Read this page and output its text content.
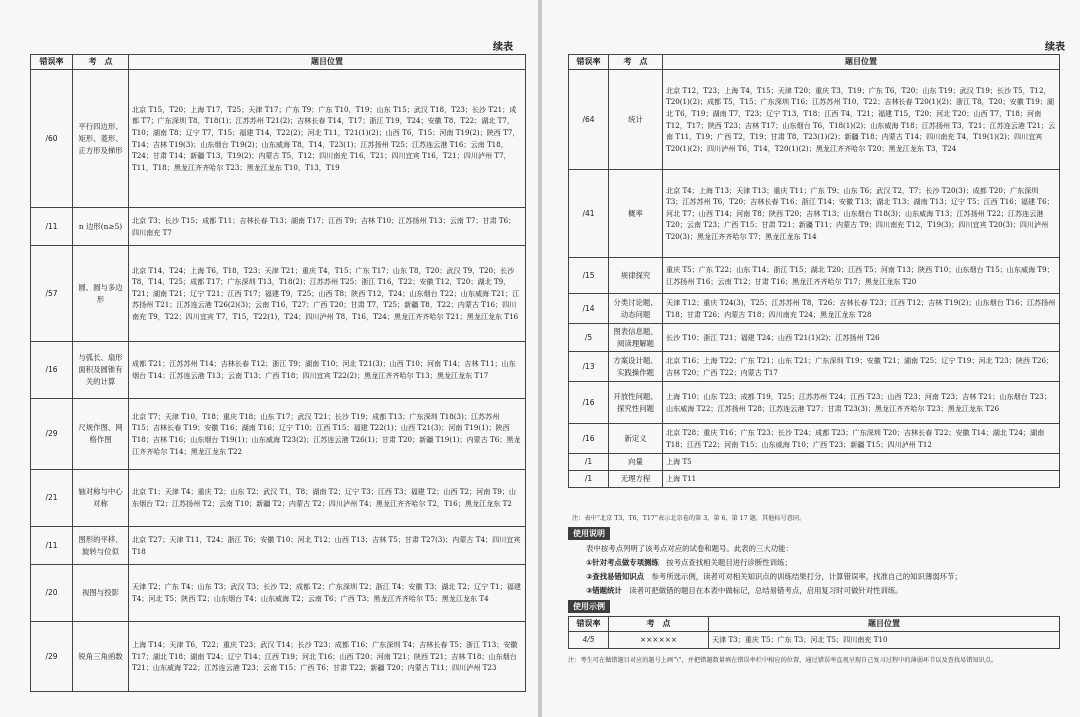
续表
错误率	考　点	题目位置
/60	平行四边形、矩形、菱形、正方形及梯形	北京 T15，T20；上海 T17，T25；天津 T17；广东 T9；广东 T10，T19；山东 T15；武汉 T18，T23；长沙 T21；成都 T7；广东深圳 T8，T18(1)；江苏苏州 T21(2)；吉林长春 T14，T17；浙江 T19，T24；安徽 T8，T22；湖北 T7，T10；湖南 T8；辽宁 T7，T15；福建 T14，T22(2)；河北 T11，T21(1)(2)；山西 T6，T15；河南 T19(2)；陕西 T7，T14；吉林 T19(3)；山东烟台 T19(2)；山东威海 T8，T14，T23(1)；江苏扬州 T25；江苏连云港 T16；云南 T18，T24；甘肃 T14；新疆 T13，T19(2)；内蒙古 T5，T12；四川南充 T16，T21；四川宜宾 T16，T21；四川泸州 T7，T11，T18；黑龙江齐齐哈尔 T23；黑龙江龙东 T10，T13，T19
/11	n 边形(n≥5)	北京 T3；长沙 T15；成都 T11；吉林长春 T13；湖南 T17；江西 T9；吉林 T10；江苏扬州 T13；云南 T7；甘肃 T6；四川南充 T7
/57	圆、圆与多边形	北京 T14，T24；上海 T6，T18，T23；天津 T21；重庆 T4，T15；广东 T17；山东 T8，T20；武汉 T9，T20；长沙 T8，T14，T25；成都 T17；广东深圳 T13，T18(2)；江苏苏州 T25；浙江 T16，T22；安徽 T12，T20；湖北 T9，T21；湖南 T21；辽宁 T21；江西 T17；福建 T9，T25；山西 T8；陕西 T12，T24；山东烟台 T22；山东威海 T21；江苏扬州 T21；江苏连云港 T26(2)(3)；云南 T16，T27；广西 T20；甘肃 T7，T25；新疆 T8，T22；内蒙古 T16；四川南充 T9，T22；四川宜宾 T7，T15，T22(1)，T24；四川泸州 T8，T16，T24；黑龙江齐齐哈尔 T21；黑龙江龙东 T16
/16	与弧长、扇形面积及圆锥有关的计算	成都 T21；江苏苏州 T14；吉林长春 T12；浙江 T9；湖南 T10；河北 T21(3)；山西 T10；河南 T14；吉林 T11；山东烟台 T14；江苏连云港 T13；云南 T13；广西 T18；四川宜宾 T22(2)；黑龙江齐齐哈尔 T13；黑龙江龙东 T17
/29	尺规作图、网格作图	北京 T7；天津 T10，T18；重庆 T18；山东 T17；武汉 T21；长沙 T19；成都 T13；广东深圳 T18(3)；江苏苏州 T15；吉林长春 T19；安徽 T16；湖南 T16；辽宁 T10；江西 T15；福建 T22(1)；山西 T21(3)；河南 T19(1)；陕西 T18；吉林 T16；山东烟台 T19(1)；山东威海 T23(2)；江苏连云港 T26(1)；甘肃 T20；新疆 T19(1)；内蒙古 T6；黑龙江齐齐哈尔 T14；黑龙江龙东 T22
/21	轴对称与中心对称	北京 T1；天津 T4；重庆 T2；山东 T2；武汉 T1，T8；湖南 T2；辽宁 T3；江西 T3；福建 T2；山西 T2；河南 T9；山东烟台 T2；江苏扬州 T2；云南 T10；新疆 T2；内蒙古 T2；四川泸州 T4；黑龙江齐齐哈尔 T2，T16；黑龙江龙东 T2
/11	图形的平移、旋转与位似	北京 T27；天津 T11，T24；浙江 T6；安徽 T10；河北 T12；山西 T13；吉林 T5；甘肃 T27(3)；内蒙古 T4；四川宜宾 T18
/20	视图与投影	天津 T2；广东 T4；山东 T3；武汉 T3；长沙 T2；成都 T2；广东深圳 T2；浙江 T4；安徽 T3；湖北 T2；辽宁 T1；福建 T4；河北 T5；陕西 T2；山东烟台 T4；山东威海 T2；云南 T6；广西 T3；黑龙江齐齐哈尔 T5；黑龙江龙东 T4
/29	锐角三角函数	上海 T14；天津 T6，T22；重庆 T23；武汉 T14；长沙 T23；成都 T16；广东深圳 T4；吉林长春 T5；浙江 T13；安徽 T17；湖北 T18；湖南 T24；辽宁 T14；江西 T19；河北 T16；山西 T20；河南 T21；陕西 T21；吉林 T18；山东烟台 T21；山东威海 T22；江苏连云港 T23；云南 T15；广西 T6；甘肃 T22；新疆 T20；内蒙古 T11；四川泸州 T23
续表
错误率	考　点	题目位置
/64	统计	北京 T12，T23；上海 T4，T15；天津 T20；重庆 T3，T19；广东 T6，T20；山东 T19；武汉 T19；长沙 T5，T12，T20(1)(2)；成都 T5，T15；广东深圳 T16；江苏苏州 T10，T22；吉林长春 T20(1)(2)；浙江 T8，T20；安徽 T19；湖北 T6，T19；湖南 T7，T23；辽宁 T13，T18；江西 T4，T21；福建 T15，T20；河北 T20；山西 T7，T18；河南 T12，T17；陕西 T23；吉林 T17；山东烟台 T6，T18(1)(2)；山东威海 T18；江苏扬州 T3，T21；江苏连云港 T21；云南 T11，T19；广西 T2，T19；甘肃 T8，T23(1)(2)；新疆 T18；内蒙古 T14；四川南充 T4，T19(1)(2)；四川宜宾 T20(1)(2)；四川泸州 T6，T14，T20(1)(2)；黑龙江齐齐哈尔 T20；黑龙江龙东 T3，T24
/41	概率	北京 T4；上海 T13；天津 T13；重庆 T11；广东 T9；山东 T6；武汉 T2，T7；长沙 T20(3)；成都 T20；广东深圳 T3；江苏苏州 T6，T20；吉林长春 T16；浙江 T14；安徽 T13；湖北 T13；湖南 T13；辽宁 T5；江西 T16；福建 T6；河北 T7；山西 T14；河南 T8；陕西 T20；吉林 T13；山东烟台 T18(3)；山东威海 T13；江苏扬州 T22；江苏连云港 T20；云南 T23；广西 T15；甘肃 T21；新疆 T11；内蒙古 T9；四川南充 T12，T19(3)；四川宜宾 T20(3)；四川泸州 T20(3)；黑龙江齐齐哈尔 T7；黑龙江龙东 T14
/15	规律探究	重庆 T5；广东 T22；山东 T14；浙江 T15；湖北 T20；江西 T5；河南 T13；陕西 T10；山东烟台 T15；山东威海 T9；江苏扬州 T16；云南 T12；甘肃 T16；黑龙江齐齐哈尔 T17；黑龙江龙东 T20
/14	分类讨论题、动态问题	天津 T12；重庆 T24(3)，T25；江苏苏州 T8，T26；吉林长春 T23；江西 T12；吉林 T19(2)；山东烟台 T16；江苏扬州 T18；甘肃 T26；内蒙古 T18；四川南充 T24；黑龙江龙东 T28
/5	图表信息题、阅读理解题	长沙 T10；浙江 T21；福建 T24；山西 T21(1)(2)；江苏扬州 T26
/13	方案设计题、实践操作题	北京 T16；上海 T22；广东 T21；山东 T21；广东深圳 T19；安徽 T21；湖南 T25；辽宁 T19；河北 T23；陕西 T26；吉林 T20；广西 T22；内蒙古 T17
/16	开放性问题、探究性问题	上海 T10；山东 T23；成都 T19，T25；江苏苏州 T24；江西 T23；山西 T23；河南 T23；吉林 T21；山东烟台 T23；山东威海 T22；江苏扬州 T28；江苏连云港 T27；甘肃 T23(3)；黑龙江齐齐哈尔 T23；黑龙江龙东 T26
/16	新定义	北京 T28；重庆 T16；广东 T23；长沙 T24；成都 T23；广东深圳 T20；吉林长春 T22；安徽 T14；湖北 T24；湖南 T18；江西 T22；河南 T15；山东威海 T10；广西 T23；新疆 T15；四川泸州 T12
/1	向量	上海 T5
/1	无理方程	上海 T11
注：表中“北京 T3，T6，T17”表示北京卷的第 3，第 6，第 17 题，其他标号意同。
使用说明
表中按考点列明了该考点对应的试卷和题号。此表的三大功能：
①针对考点做专项测练　 按考点查找相关题目进行诊断性训练；
②查找易错知识点　 参考所选示例，读者可对相关知识点的训练结果打分，计算错误率，找准自己的知识薄弱环节；
③错题统计　 读者可把做错的题目在本表中做标记，总结易错考点，启用复习时可做针对性训练。
使用示例
错误率	考　点	题目位置
4/5	××××××	天津 T3；重庆 T5；广东 T3；河北 T5；四川南充 T10
注：考生可在做错题目对应的题号上画“\”，并把错题数量填在错误率栏中相应的位置，通过错误率直观呈现自己复习过程中的薄弱环节以及查找易错知识点。
